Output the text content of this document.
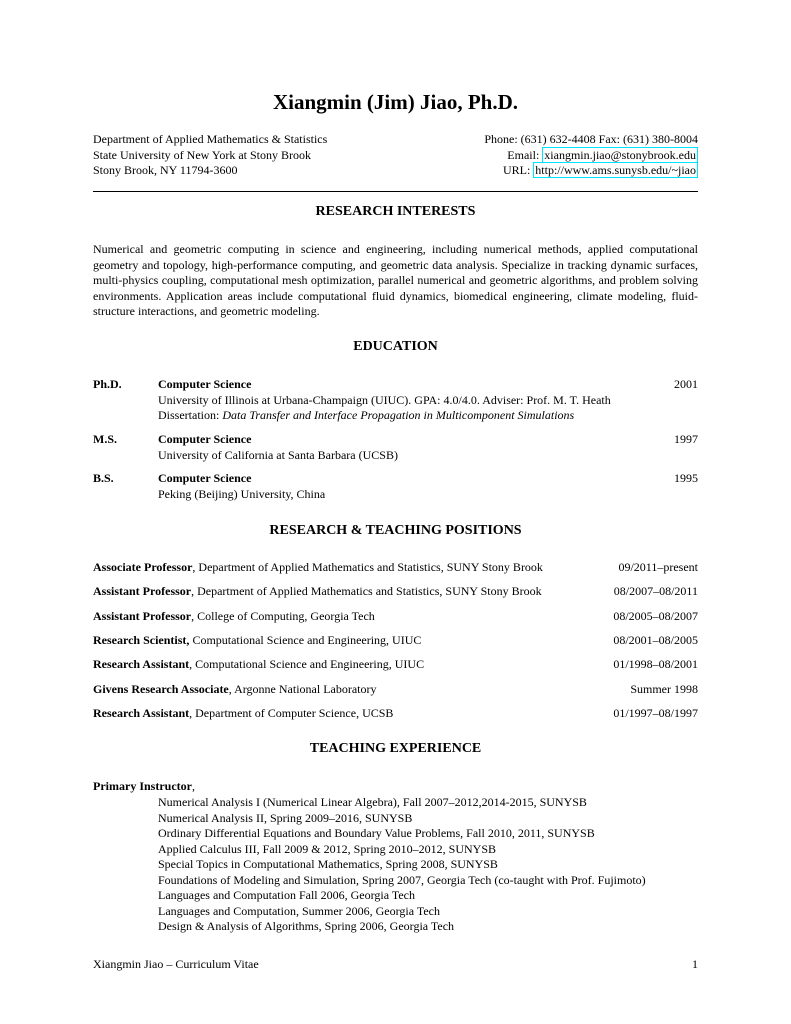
Xiangmin (Jim) Jiao, Ph.D.
Department of Applied Mathematics & Statistics
State University of New York at Stony Brook
Stony Brook, NY 11794-3600
Phone: (631) 632-4408 Fax: (631) 380-8004
Email: xiangmin.jiao@stonybrook.edu
URL: http://www.ams.sunysb.edu/~jiao
RESEARCH INTERESTS

Numerical and geometric computing in science and engineering, including numerical methods, applied computational geometry and topology, high-performance computing, and geometric data analysis. Specialize in tracking dynamic surfaces, multi-physics coupling, computational mesh optimization, parallel numerical and geometric algorithms, and problem solving environments. Application areas include computational fluid dynamics, biomedical engineering, climate modeling, fluid-structure interactions, and geometric modeling.

EDUCATION
Ph.D.	Computer Science
University of Illinois at Urbana-Champaign (UIUC). GPA: 4.0/4.0. Adviser: Prof. M. T. Heath
Dissertation: Data Transfer and Interface Propagation in Multicomponent Simulations
2001
M.S.	Computer Science
University of California at Santa Barbara (UCSB)
1997
B.S.	Computer Science
Peking (Beijing) University, China
1995
RESEARCH & TEACHING POSITIONS
Associate Professor, Department of Applied Mathematics and Statistics, SUNY Stony Brook	09/2011–present
Assistant Professor, Department of Applied Mathematics and Statistics, SUNY Stony Brook	08/2007–08/2011
Assistant Professor, College of Computing, Georgia Tech	08/2005–08/2007
Research Scientist, Computational Science and Engineering, UIUC	08/2001–08/2005
Research Assistant, Computational Science and Engineering, UIUC	01/1998–08/2001
Givens Research Associate, Argonne National Laboratory	Summer 1998
Research Assistant, Department of Computer Science, UCSB	01/1997–08/1997
TEACHING EXPERIENCE
Primary Instructor,
Numerical Analysis I (Numerical Linear Algebra), Fall 2007–2012,2014-2015, SUNYSB
Numerical Analysis II, Spring 2009–2016, SUNYSB
Ordinary Differential Equations and Boundary Value Problems, Fall 2010, 2011, SUNYSB
Applied Calculus III, Fall 2009 & 2012, Spring 2010–2012, SUNYSB
Special Topics in Computational Mathematics, Spring 2008, SUNYSB
Foundations of Modeling and Simulation, Spring 2007, Georgia Tech (co-taught with Prof. Fujimoto)
Languages and Computation Fall 2006, Georgia Tech
Languages and Computation, Summer 2006, Georgia Tech
Design & Analysis of Algorithms, Spring 2006, Georgia Tech
Xiangmin Jiao – Curriculum Vitae	1
